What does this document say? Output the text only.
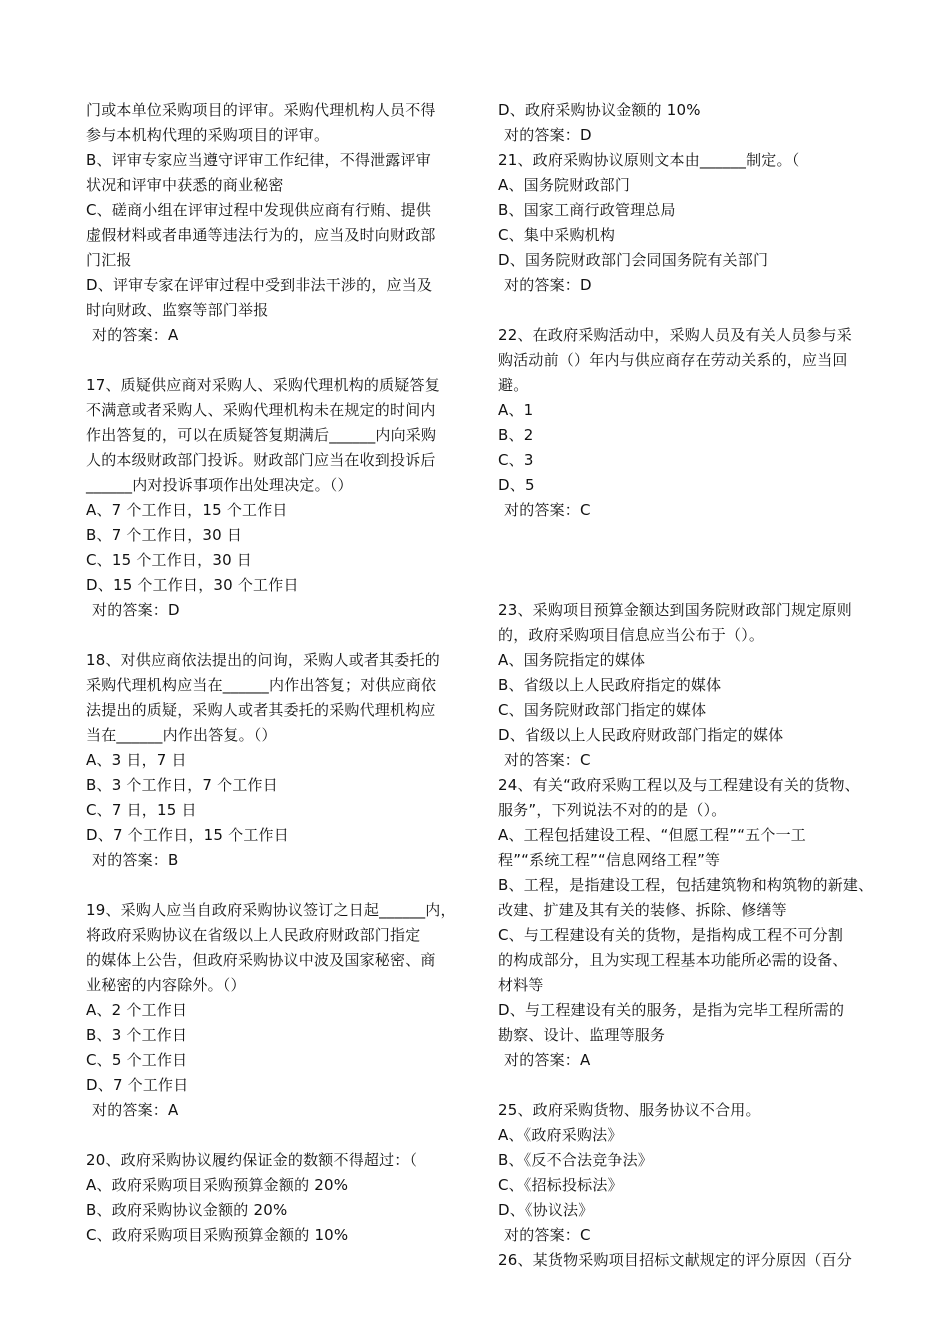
门或本单位采购项目的评审。采购代理机构人员不得
参与本机构代理的采购项目的评审。
B、评审专家应当遵守评审工作纪律，不得泄露评审
状况和评审中获悉的商业秘密
C、磋商小组在评审过程中发现供应商有行贿、提供
虚假材料或者串通等违法行为的，应当及时向财政部
门汇报
D、评审专家在评审过程中受到非法干涉的，应当及
时向财政、监察等部门举报
对的答案：A
17、质疑供应商对采购人、采购代理机构的质疑答复
不满意或者采购人、采购代理机构未在规定的时间内
作出答复的，可以在质疑答复期满后______内向采购
人的本级财政部门投诉。财政部门应当在收到投诉后
______内对投诉事项作出处理决定。（）
A、7 个工作日，15 个工作日
B、7 个工作日，30 日
C、15 个工作日，30 日
D、15 个工作日，30 个工作日
对的答案：D
18、对供应商依法提出的问询，采购人或者其委托的
采购代理机构应当在______内作出答复；对供应商依
法提出的质疑，采购人或者其委托的采购代理机构应
当在______内作出答复。（）
A、3 日，7 日
B、3 个工作日，7 个工作日
C、7 日，15 日
D、7 个工作日，15 个工作日
对的答案：B
19、采购人应当自政府采购协议签订之日起______内，
将政府采购协议在省级以上人民政府财政部门指定
的媒体上公告，但政府采购协议中波及国家秘密、商
业秘密的内容除外。（）
A、2 个工作日
B、3 个工作日
C、5 个工作日
D、7 个工作日
对的答案：A
20、政府采购协议履约保证金的数额不得超过：（
A、政府采购项目采购预算金额的 20%
B、政府采购协议金额的 20%
C、政府采购项目采购预算金额的 10%
D、政府采购协议金额的 10%
对的答案：D
21、政府采购协议原则文本由______制定。（
A、国务院财政部门
B、国家工商行政管理总局
C、集中采购机构
D、国务院财政部门会同国务院有关部门
对的答案：D
22、在政府采购活动中，采购人员及有关人员参与采
购活动前（）年内与供应商存在劳动关系的，应当回
避。
A、1
B、2
C、3
D、5
对的答案：C
23、采购项目预算金额达到国务院财政部门规定原则
的，政府采购项目信息应当公布于（）。
A、国务院指定的媒体
B、省级以上人民政府指定的媒体
C、国务院财政部门指定的媒体
D、省级以上人民政府财政部门指定的媒体
对的答案：C
24、有关“政府采购工程以及与工程建设有关的货物、
服务”，下列说法不对的的是（）。
A、工程包括建设工程、“但愿工程”“五个一工
程”“系统工程”“信息网络工程”等
B、工程，是指建设工程，包括建筑物和构筑物的新建、
改建、扩建及其有关的装修、拆除、修缮等
C、与工程建设有关的货物，是指构成工程不可分割
的构成部分，且为实现工程基本功能所必需的设备、
材料等
D、与工程建设有关的服务，是指为完毕工程所需的
勘察、设计、监理等服务
对的答案：A
25、政府采购货物、服务协议不合用。
A、《政府采购法》
B、《反不合法竞争法》
C、《招标投标法》
D、《协议法》
对的答案：C
26、某货物采购项目招标文献规定的评分原因（百分
